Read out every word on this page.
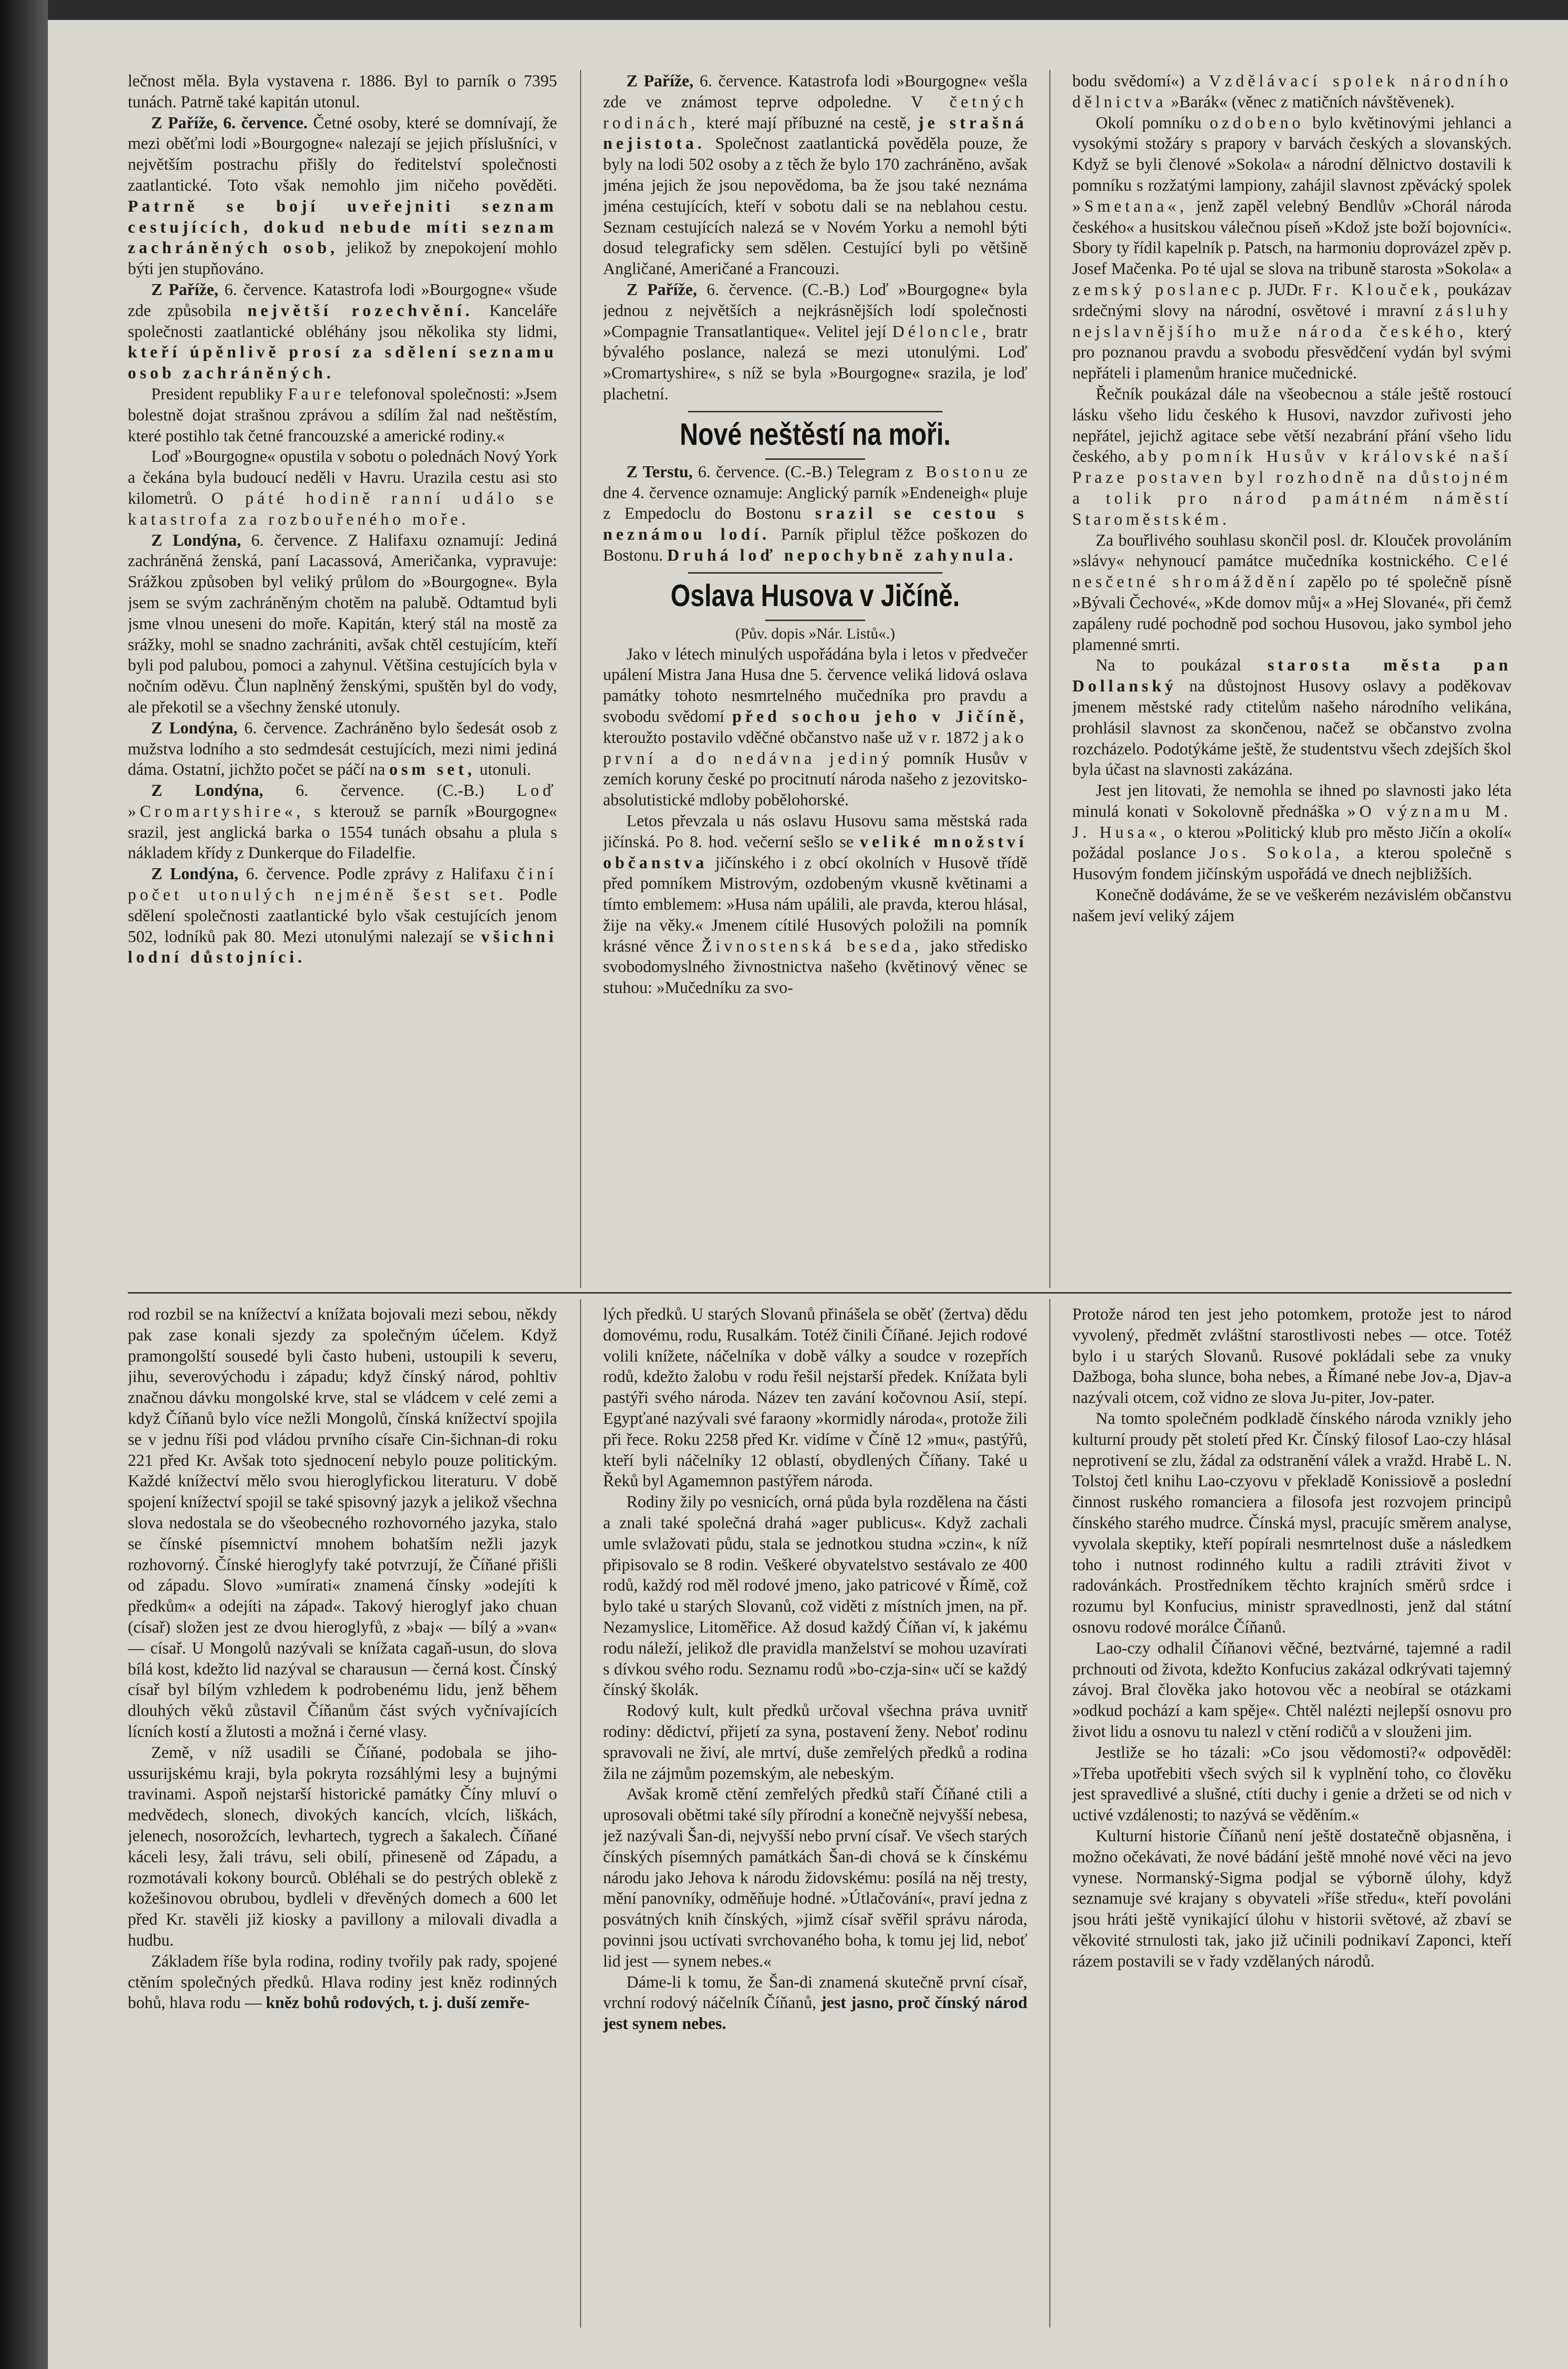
lečnost měla. Byla vystavena r. 1886. Byl to parník o 7395 tunách. Patrně také kapitán utonul.

Z Paříže, 6. července. Četné osoby, které se domnívají, že mezi oběťmi lodi »Bourgogne« nalezají se jejich příslušníci, v největším postrachu přišly do ředitelství společnosti zaatlantické. Toto však nemohlo jim ničeho pověděti. Patrně se bojí uveřejniti seznam cestujících, dokud nebude míti seznam zachráněných osob, jelikož by znepokojení mohlo býti jen stupňováno.

Z Paříže, 6. července. Katastrofa lodi »Bourgogne« všude zde způsobila největší rozechvění. Kanceláře společnosti zaatlantické obléhány jsou několika sty lidmi, kteří úpěnlivě prosí za sdělení seznamu osob zachráněných.

President republiky Faure telefonoval společnosti: »Jsem bolestně dojat strašnou zprávou a sdílím žal nad neštěstím, které postihlo tak četné francouzské a americké rodiny.«

Loď »Bourgogne« opustila v sobotu o polednách Nový York a čekána byla budoucí neděli v Havru. Urazila cestu asi sto kilometrů. O páté hodině ranní událo se katastrofa za rozbouřeného moře.

Z Londýna, 6. července. Z Halifaxu oznamují: Jediná zachráněná ženská, paní Lacassová, Američanka, vypravuje: Srážkou způsoben byl veliký průlom do »Bourgogne«. Byla jsem se svým zachráněným chotěm na palubě. Odtamtud byli jsme vlnou uneseni do moře. Kapitán, který stál na mostě za srážky, mohl se snadno zachrániti, avšak chtěl cestujícím, kteří byli pod palubou, pomoci a zahynul. Většina cestujících byla v nočním oděvu. Člun naplněný ženskými, spuštěn byl do vody, ale překotil se a všechny ženské utonuly.

Z Londýna, 6. července. Zachráněno bylo šedesát osob z mužstva lodního a sto sedmdesát cestujících, mezi nimi jediná dáma. Ostatní, jichžto počet se páčí na osm set, utonuli.

Z Londýna, 6. července. (C.-B.) Loď »Cromartyshire«, s kterouž se parník »Bourgogne« srazil, jest anglická barka o 1554 tunách obsahu a plula s nákladem křídy z Dunkerque do Filadelfie.

Z Londýna, 6. července. Podle zprávy z Halifaxu činí počet utonulých nejméně šest set. Podle sdělení společnosti zaatlantické bylo však cestujících jenom 502, lodníků pak 80. Mezi utonulými nalezají se všichni lodní důstojníci.

Z Paříže, 6. července. Katastrofa lodi »Bourgogne« vešla zde ve známost teprve odpoledne. V četných rodinách, které mají příbuzné na cestě, je strašná nejistota. Společnost zaatlantická pověděla pouze, že byly na lodi 502 osoby a z těch že bylo 170 zachráněno, avšak jména jejich že jsou nepovědoma, ba že jsou také neznáma jména cestujících, kteří v sobotu dali se na neblahou cestu. Seznam cestujících nalezá se v Novém Yorku a nemohl býti dosud telegraficky sem sdělen. Cestující byli po většině Angličané, Američané a Francouzi.

Z Paříže, 6. července. (C.-B.) Loď »Bourgogne« byla jednou z největších a nejkrásnějších lodí společnosti »Compagnie Transatlantique«. Velitel její Déloncle, bratr bývalého poslance, nalezá se mezi utonulými. Loď »Cromartyshire«, s níž se byla »Bourgogne« srazila, je loď plachetní.

Nové neštěstí na moři.

Z Terstu, 6. července. (C.-B.) Telegram z Bostonu ze dne 4. července oznamuje: Anglický parník »Endeneigh« pluje z Empedoclu do Bostonu srazil se cestou s neznámou lodí. Parník připlul těžce poškozen do Bostonu. Druhá loď nepochybně zahynula.

Oslava Husova v Jičíně.

(Pův. dopis »Nár. Listů«.)

Jako v létech minulých uspořádána byla i letos v předvečer upálení Mistra Jana Husa dne 5. července veliká lidová oslava památky tohoto nesmrtelného mučedníka pro pravdu a svobodu svědomí před sochou jeho v Jičíně, kteroužto postavilo vděčné občanstvo naše už v r. 1872 jako první a do nedávna jediný pomník Husův v zemích koruny české po procitnutí národa našeho z jezovitsko-absolutistické mdloby pobělohorské.

Letos převzala u nás oslavu Husovu sama městská rada jičínská. Po 8. hod. večerní sešlo se veliké množství občanstva jičínského i z obcí okolních v Husově třídě před pomníkem Mistrovým, ozdobeným vkusně květinami a tímto emblemem: »Husa nám upálili, ale pravda, kterou hlásal, žije na věky.« Jmenem cítilé Husových položili na pomník krásné věnce Živnostenská beseda, jako středisko svobodomyslného živnostnictva našeho (květinový věnec se stuhou: »Mučedníku za svo-

bodu svědomí«) a Vzdělávací spolek národního dělnictva »Barák« (věnec z matičních návštěvenek).

Okolí pomníku ozdobeno bylo květinovými jehlanci a vysokými stožáry s prapory v barvách českých a slovanských. Když se byli členové »Sokola« a národní dělnictvo dostavili k pomníku s rozžatými lampiony, zahájil slavnost zpěvácký spolek »Smetana«, jenž zapěl velebný Bendlův »Chorál národa českého« a husitskou válečnou píseň »Kdož jste boží bojovníci«. Sbory ty řídil kapelník p. Patsch, na harmoniu doprovázel zpěv p. Josef Mačenka. Po té ujal se slova na tribuně starosta »Sokola« a zemský poslanec p. JUDr. Fr. Klouček, poukázav srdečnými slovy na národní, osvětové i mravní zásluhy nejslavnějšího muže národa českého, který pro poznanou pravdu a svobodu přesvědčení vydán byl svými nepřáteli i plamenům hranice mučednické.

Řečník poukázal dále na všeobecnou a stále ještě rostoucí lásku všeho lidu českého k Husovi, navzdor zuřivosti jeho nepřátel, jejichž agitace sebe větší nezabrání přání všeho lidu českého, aby pomník Husův v královské naší Praze postaven byl rozhodně na důstojném a tolik pro národ památném náměstí Staroměstském.

Za bouřlivého souhlasu skončil posl. dr. Klouček provoláním »slávy« nehynoucí památce mučedníka kostnického. Celé nesčetné shromáždění zapělo po té společně písně »Bývali Čechové«, »Kde domov můj« a »Hej Slované«, při čemž zapáleny rudé pochodně pod sochou Husovou, jako symbol jeho plamenné smrti.

Na to poukázal starosta města pan Dollanský na důstojnost Husovy oslavy a poděkovav jmenem městské rady ctitelům našeho národního velikána, prohlásil slavnost za skončenou, načež se občanstvo zvolna rozcházelo. Podotýkáme ještě, že studentstvu všech zdejších škol byla účast na slavnosti zakázána.

Jest jen litovati, že nemohla se ihned po slavnosti jako léta minulá konati v Sokolovně přednáška »O významu M. J. Husa«, o kterou »Politický klub pro město Jičín a okolí« požádal poslance Jos. Sokola, a kterou společně s Husovým fondem jičínským uspořádá ve dnech nejbližších.

Konečně dodáváme, že se ve veškerém nezávislém občanstvu našem jeví veliký zájem

rod rozbil se na knížectví a knížata bojovali mezi sebou, někdy pak zase konali sjezdy za společným účelem. Když pramongolští sousedé byli často hubeni, ustoupili k severu, jihu, severovýchodu i západu; když čínský národ, pohltiv značnou dávku mongolské krve, stal se vládcem v celé zemi a když Číňanů bylo více nežli Mongolů, čínská knížectví spojila se v jednu říši pod vládou prvního císaře Cin-šichnan-di roku 221 před Kr. Avšak toto sjednocení nebylo pouze politickým. Každé knížectví mělo svou hieroglyfickou literaturu. V době spojení knížectví spojil se také spisovný jazyk a jelikož všechna slova nedostala se do všeobecného rozhovorného jazyka, stalo se čínské písemnictví mnohem bohatším nežli jazyk rozhovorný. Čínské hieroglyfy také potvrzují, že Číňané přišli od západu. Slovo »umírati« znamená čínsky »odejíti k předkům« a odejíti na západ«. Takový hieroglyf jako chuan (císař) složen jest ze dvou hieroglyfů, z »baj« — bílý a »van« — císař. U Mongolů nazývali se knížata cagaň-usun, do slova bílá kost, kdežto lid nazýval se charausun — černá kost. Čínský císař byl bílým vzhledem k podrobenému lidu, jenž během dlouhých věků zůstavil Číňanům část svých vyčnívajících lícních kostí a žlutosti a možná i černé vlasy.

Země, v níž usadili se Číňané, podobala se jiho-ussurijskému kraji, byla pokryta rozsáhlými lesy a bujnými travinami. Aspoň nejstarší historické památky Číny mluví o medvědech, slonech, divokých kancích, vlcích, liškách, jelenech, nosorožcích, levhartech, tygrech a šakalech. Číňané káceli lesy, žali trávu, seli obilí, přineseně od Západu, a rozmotávali kokony bourců. Obléhali se do pestrých oblekě z kožešinovou obrubou, bydleli v dřevěných domech a 600 let před Kr. stavěli již kiosky a pavillony a milovali divadla a hudbu.

Základem říše byla rodina, rodiny tvořily pak rady, spojené ctěním společných předků. Hlava rodiny jest kněz rodinných bohů, hlava rodu — kněz bohů rodových, t. j. duší zemře-

lých předků. U starých Slovanů přinášela se oběť (žertva) dědu domovému, rodu, Rusalkám. Totéž činili Číňané. Jejich rodové volili knížete, náčelníka v době války a soudce v rozepřích rodů, kdežto žalobu v rodu řešil nejstarší předek. Knížata byli pastýři svého národa. Název ten zavání kočovnou Asií, stepí. Egypťané nazývali své faraony »kormidly národa«, protože žili při řece. Roku 2258 před Kr. vidíme v Číně 12 »mu«, pastýřů, kteří byli náčelníky 12 oblastí, obydlených Číňany. Také u Řeků byl Agamemnon pastýřem národa.

Rodiny žily po vesnicích, orná půda byla rozdělena na části a znali také společná drahá »ager publicus«. Když zachali umle svlažovati půdu, stala se jednotkou studna »czin«, k níž připisovalo se 8 rodin. Veškeré obyvatelstvo sestávalo ze 400 rodů, každý rod měl rodové jmeno, jako patricové v Římě, což bylo také u starých Slovanů, což viděti z místních jmen, na př. Nezamyslice, Litoměřice. Až dosud každý Číňan ví, k jakému rodu náleží, jelikož dle pravidla manželství se mohou uzavírati s dívkou svého rodu. Seznamu rodů »bo-czja-sin« učí se každý čínský školák.

Rodový kult, kult předků určoval všechna práva uvnitř rodiny: dědictví, přijetí za syna, postavení ženy. Neboť rodinu spravovali ne živí, ale mrtví, duše zemřelých předků a rodina žila ne zájmům pozemským, ale nebeským.

Avšak kromě ctění zemřelých předků staří Číňané ctili a uprosovali obětmi také síly přírodní a konečně nejvyšší nebesa, jež nazývali Šan-di, nejvyšší nebo první císař. Ve všech starých čínských písemných památkách Šan-di chová se k čínskému národu jako Jehova k národu židovskému: posílá na něj tresty, mění panovníky, odměňuje hodné. »Útlačování«, praví jedna z posvátných knih čínských, »jimž císař svěřil správu národa, povinni jsou uctívati svrchovaného boha, k tomu jej lid, neboť lid jest — synem nebes.«

Dáme-li k tomu, že Šan-di znamená skutečně první císař, vrchní rodový náčelník Číňanů, jest jasno, proč čínský národ jest synem nebes.

Protože národ ten jest jeho potomkem, protože jest to národ vyvolený, předmět zvláštní starostlivosti nebes — otce. Totéž bylo i u starých Slovanů. Rusové pokládali sebe za vnuky Dažboga, boha slunce, boha nebes, a Římané nebe Jov-a, Djav-a nazývali otcem, což vidno ze slova Ju-piter, Jov-pater.

Na tomto společném podkladě čínského národa vznikly jeho kulturní proudy pět století před Kr. Čínský filosof Lao-czy hlásal neprotivení se zlu, žádal za odstranění válek a vražd. Hrabě L. N. Tolstoj četl knihu Lao-czyovu v překladě Konissiově a poslední činnost ruského romanciera a filosofa jest rozvojem principů čínského starého mudrce. Čínská mysl, pracujíc směrem analyse, vyvolala skeptiky, kteří popírali nesmrtelnost duše a následkem toho i nutnost rodinného kultu a radili ztráviti život v radovánkách. Prostředníkem těchto krajních směrů srdce i rozumu byl Konfucius, ministr spravedlnosti, jenž dal státní osnovu rodové morálce Číňanů.

Lao-czy odhalil Číňanovi věčné, beztvárné, tajemné a radil prchnouti od života, kdežto Konfucius zakázal odkrývati tajemný závoj. Bral člověka jako hotovou věc a neobíral se otázkami »odkud pochází a kam spěje«. Chtěl nalézti nejlepší osnovu pro život lidu a osnovu tu nalezl v ctění rodičů a v slouženi jim.

Jestliže se ho tázali: »Co jsou vědomosti?« odpověděl: »Třeba upotřebiti všech svých sil k vyplnění toho, co člověku jest spravedlivé a slušné, ctíti duchy i genie a držeti se od nich v uctivé vzdálenosti; to nazývá se věděním.«

Kulturní historie Číňanů není ještě dostatečně objasněna, i možno očekávati, že nové bádání ještě mnohé nové věci na jevo vynese. Normanský-Sigma podjal se výborně úlohy, když seznamuje své krajany s obyvateli »říše středu«, kteří povoláni jsou hráti ještě vynikající úlohu v historii světové, až zbaví se věkovité strnulosti tak, jako již učinili podnikaví Zaponci, kteří rázem postavili se v řady vzdělaných národů.
